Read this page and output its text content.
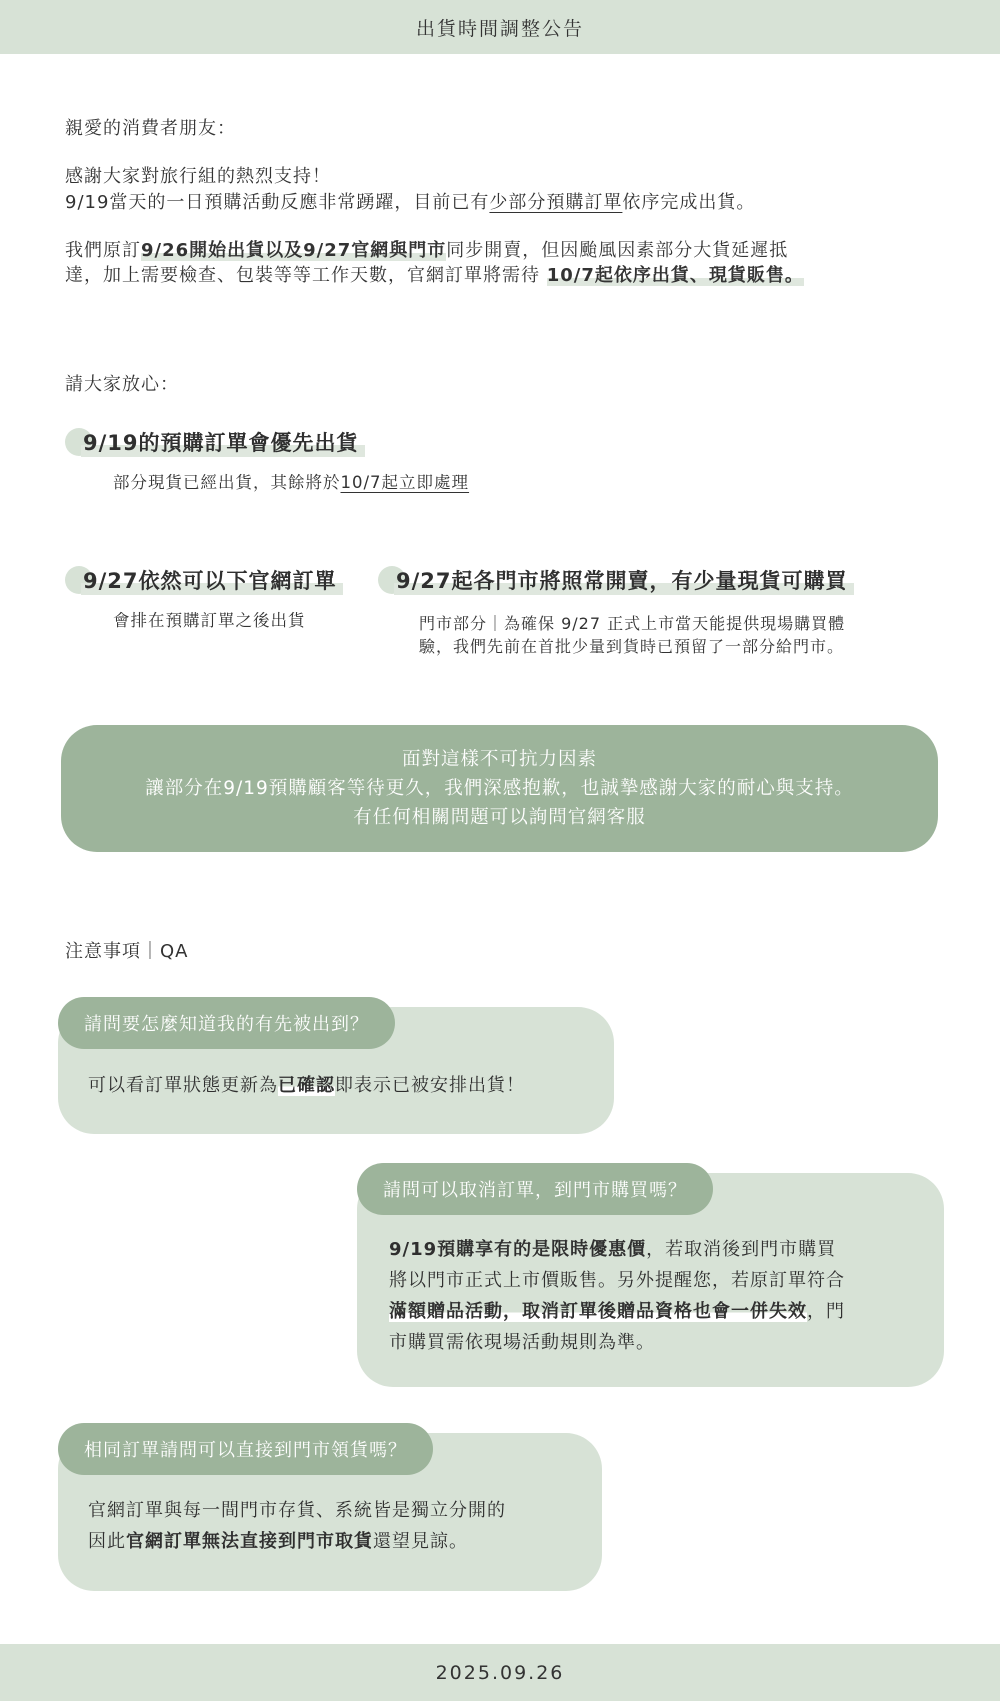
出貨時間調整公告
親愛的消費者朋友：
感謝大家對旅行組的熱烈支持！
9/19當天的一日預購活動反應非常踴躍，目前已有少部分預購訂單依序完成出貨。
我們原訂9/26開始出貨以及9/27官網與門市同步開賣，但因颱風因素部分大貨延遲抵
達，加上需要檢查、包裝等等工作天數，官網訂單將需待 10/7起依序出貨、現貨販售。
請大家放心：
9/19的預購訂單會優先出貨
部分現貨已經出貨，其餘將於10/7起立即處理
9/27依然可以下官網訂單
會排在預購訂單之後出貨
9/27起各門市將照常開賣，有少量現貨可購買
門市部分｜為確保 9/27 正式上市當天能提供現場購買體
驗，我們先前在首批少量到貨時已預留了一部分給門市。
面對這樣不可抗力因素
讓部分在9/19預購顧客等待更久，我們深感抱歉，也誠摯感謝大家的耐心與支持。
有任何相關問題可以詢問官網客服
注意事項｜QA
請問要怎麼知道我的有先被出到？
可以看訂單狀態更新為已確認即表示已被安排出貨！
請問可以取消訂單，到門市購買嗎？
9/19預購享有的是限時優惠價，若取消後到門市購買
將以門市正式上市價販售。另外提醒您，若原訂單符合
滿額贈品活動，取消訂單後贈品資格也會一併失效，門
市購買需依現場活動規則為準。
相同訂單請問可以直接到門市領貨嗎？
官網訂單與每一間門市存貨、系統皆是獨立分開的
因此官網訂單無法直接到門市取貨還望見諒。
2025.09.26
